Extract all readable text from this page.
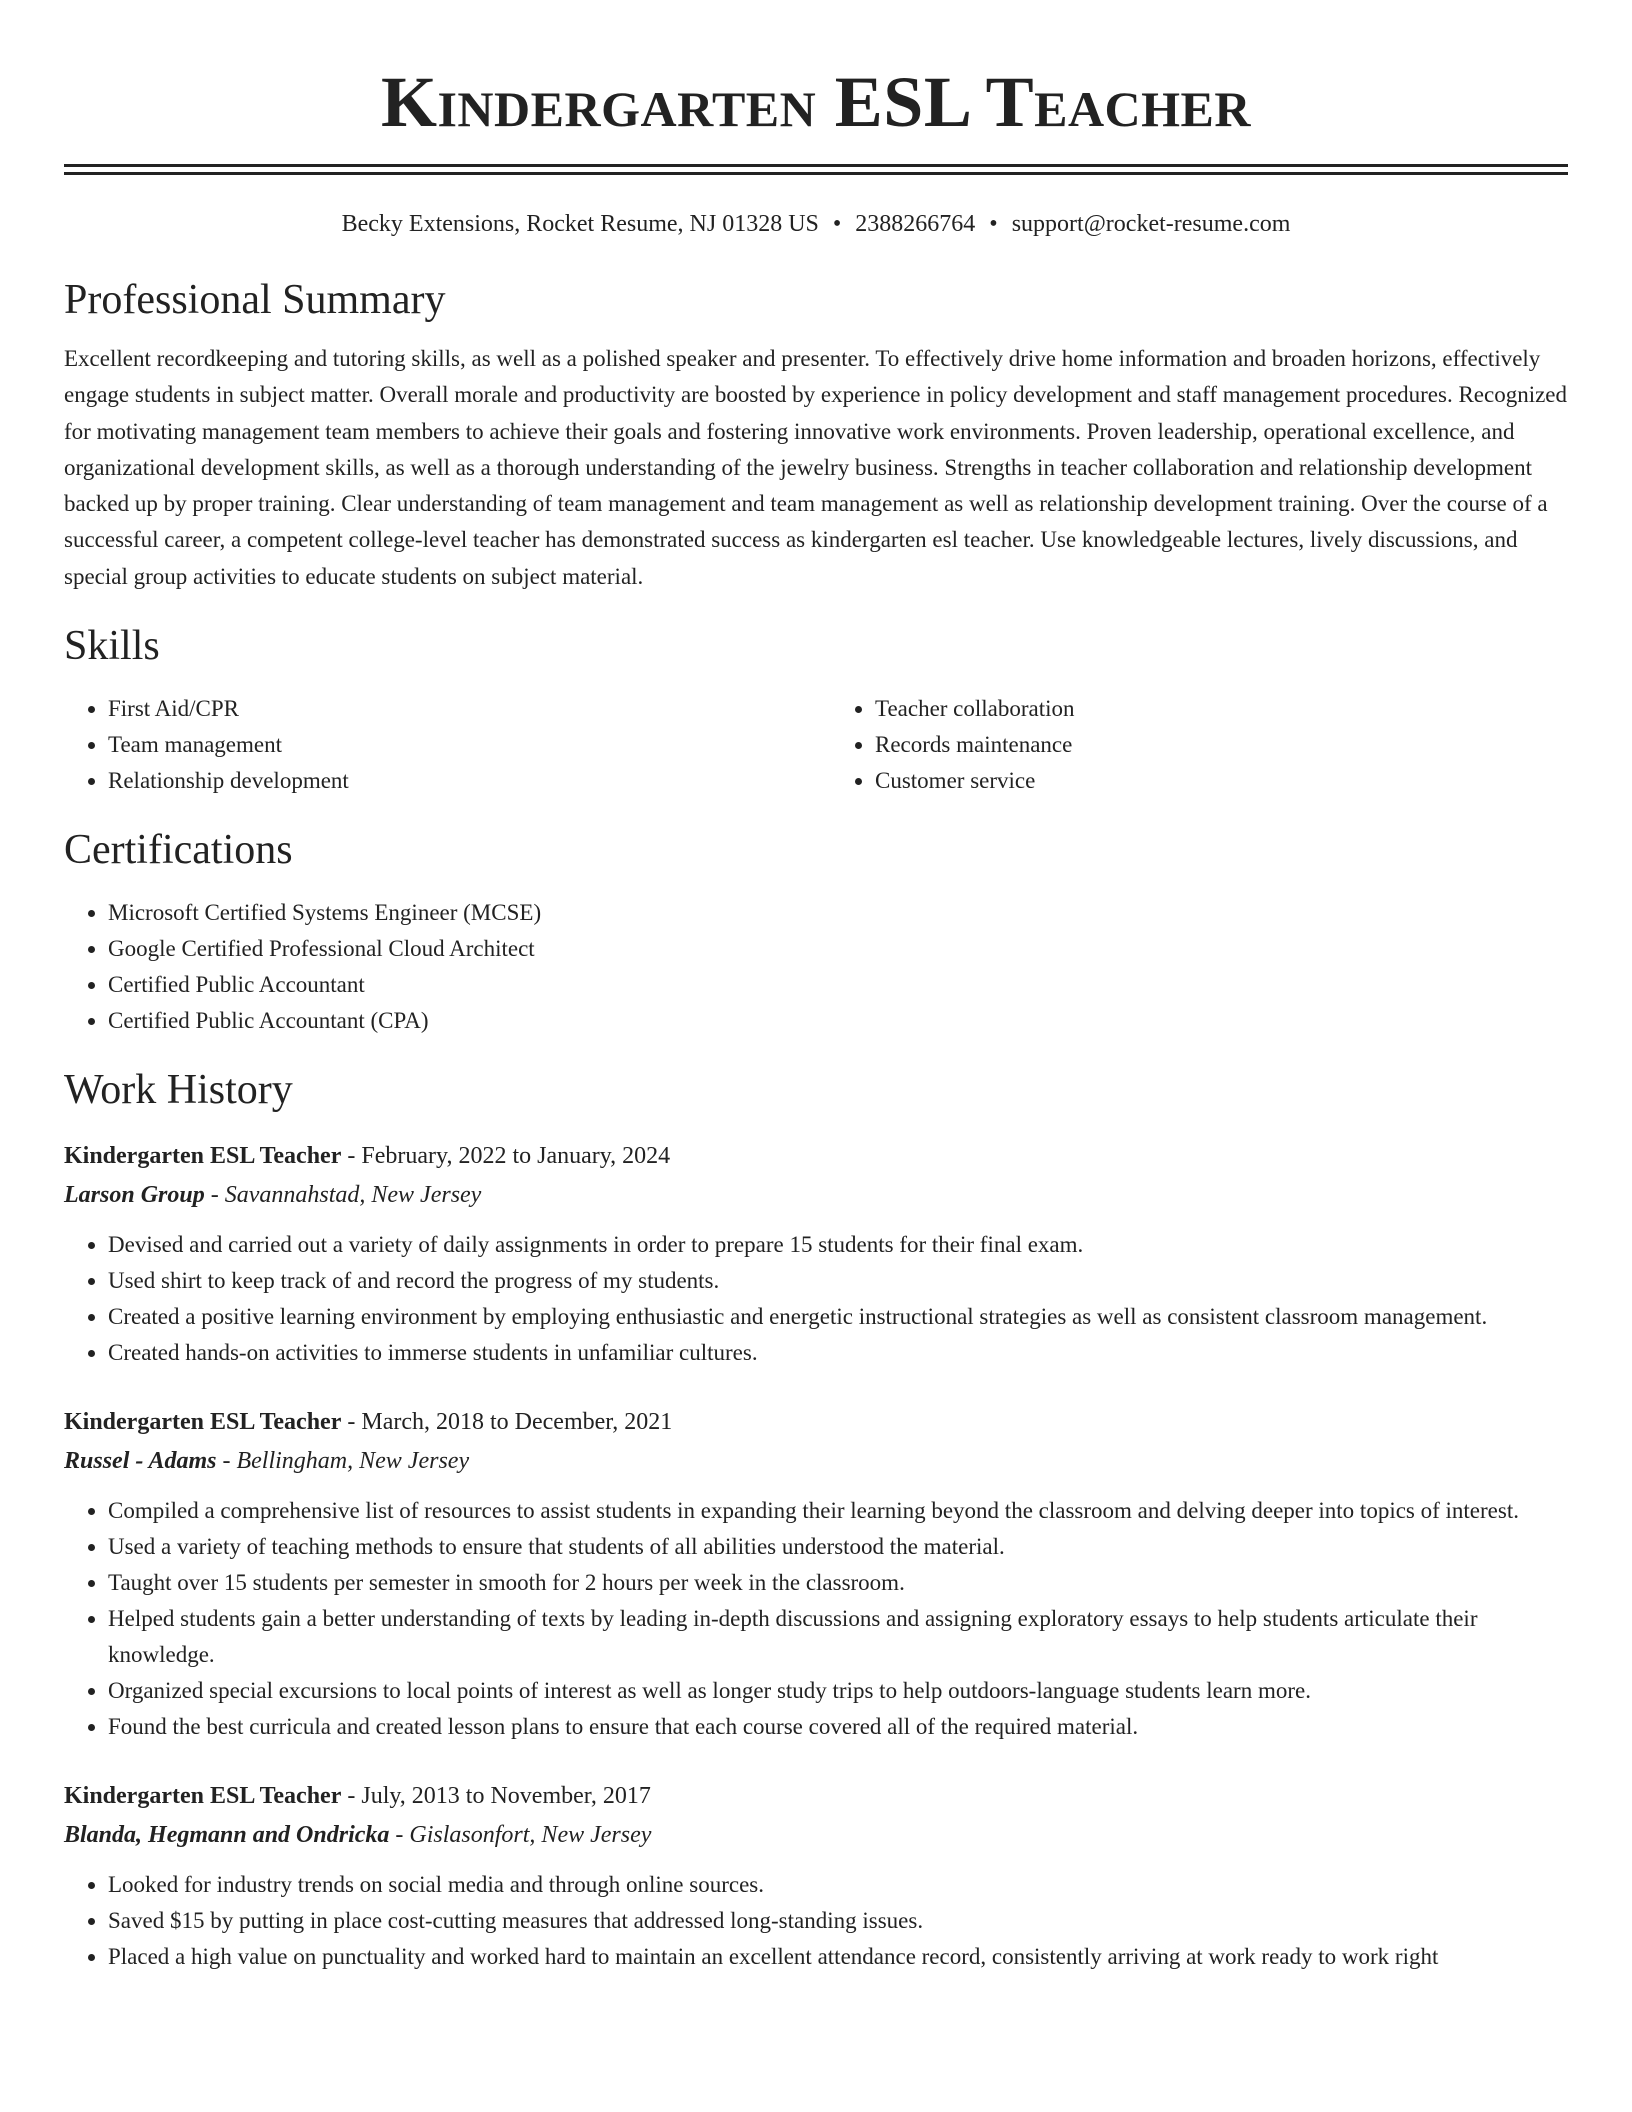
Kindergarten ESL Teacher
Becky Extensions, Rocket Resume, NJ 01328 US • 2388266764 • support@rocket-resume.com
Professional Summary

Excellent recordkeeping and tutoring skills, as well as a polished speaker and presenter. To effectively drive home information and broaden horizons, effectively engage students in subject matter. Overall morale and productivity are boosted by experience in policy development and staff management procedures. Recognized for motivating management team members to achieve their goals and fostering innovative work environments. Proven leadership, operational excellence, and organizational development skills, as well as a thorough understanding of the jewelry business. Strengths in teacher collaboration and relationship development backed up by proper training. Clear understanding of team management and team management as well as relationship development training. Over the course of a successful career, a competent college-level teacher has demonstrated success as kindergarten esl teacher. Use knowledgeable lectures, lively discussions, and special group activities to educate students on subject material.

Skills
• First Aid/CPR
• Team management
• Relationship development
• Teacher collaboration
• Records maintenance
• Customer service
Certifications
• Microsoft Certified Systems Engineer (MCSE)
• Google Certified Professional Cloud Architect
• Certified Public Accountant
• Certified Public Accountant (CPA)
Work History
Kindergarten ESL Teacher - February, 2022 to January, 2024
Larson Group - Savannahstad, New Jersey
• Devised and carried out a variety of daily assignments in order to prepare 15 students for their final exam.
• Used shirt to keep track of and record the progress of my students.
• Created a positive learning environment by employing enthusiastic and energetic instructional strategies as well as consistent classroom management.
• Created hands-on activities to immerse students in unfamiliar cultures.
Kindergarten ESL Teacher - March, 2018 to December, 2021
Russel - Adams - Bellingham, New Jersey
• Compiled a comprehensive list of resources to assist students in expanding their learning beyond the classroom and delving deeper into topics of interest.
• Used a variety of teaching methods to ensure that students of all abilities understood the material.
• Taught over 15 students per semester in smooth for 2 hours per week in the classroom.
• Helped students gain a better understanding of texts by leading in-depth discussions and assigning exploratory essays to help students articulate their knowledge.
• Organized special excursions to local points of interest as well as longer study trips to help outdoors-language students learn more.
• Found the best curricula and created lesson plans to ensure that each course covered all of the required material.
Kindergarten ESL Teacher - July, 2013 to November, 2017
Blanda, Hegmann and Ondricka - Gislasonfort, New Jersey
• Looked for industry trends on social media and through online sources.
• Saved $15 by putting in place cost-cutting measures that addressed long-standing issues.
• Placed a high value on punctuality and worked hard to maintain an excellent attendance record, consistently arriving at work ready to work right
